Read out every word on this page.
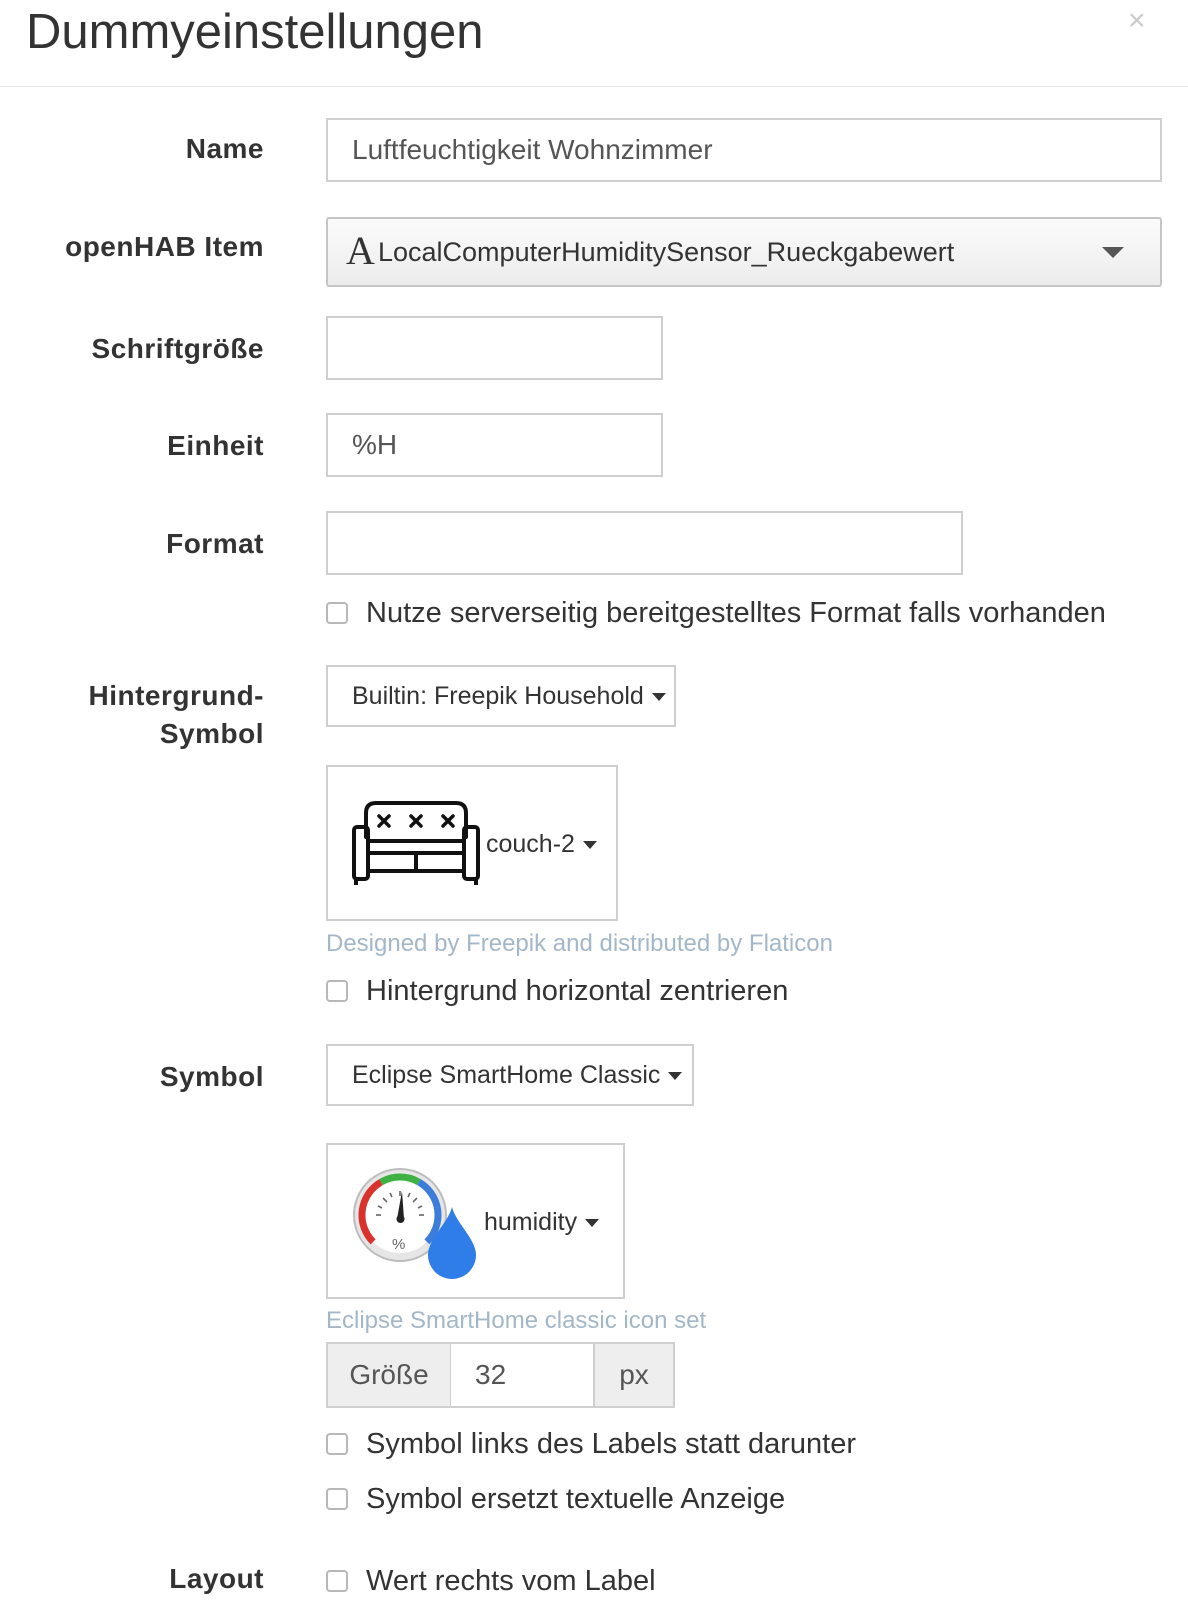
Dummyeinstellungen	×
Name	Luftfeuchtigkeit Wohnzimmer
openHAB Item A LocalComputerHumiditySensor_Rueckgabewert
Schriftgröße
Einheit	%H
Format
Nutze serverseitig bereitgestelltes Format falls vorhanden
Hintergrund-
Symbol
Builtin: Freepik Household
couch-2
Designed by Freepik and distributed by Flaticon
Hintergrund horizontal zentrieren
Symbol	Eclipse SmartHome Classic
%
humidity
Eclipse SmartHome classic icon set
Größe	32	px
Symbol links des Labels statt darunter
Symbol ersetzt textuelle Anzeige
Layout	Wert rechts vom Label
